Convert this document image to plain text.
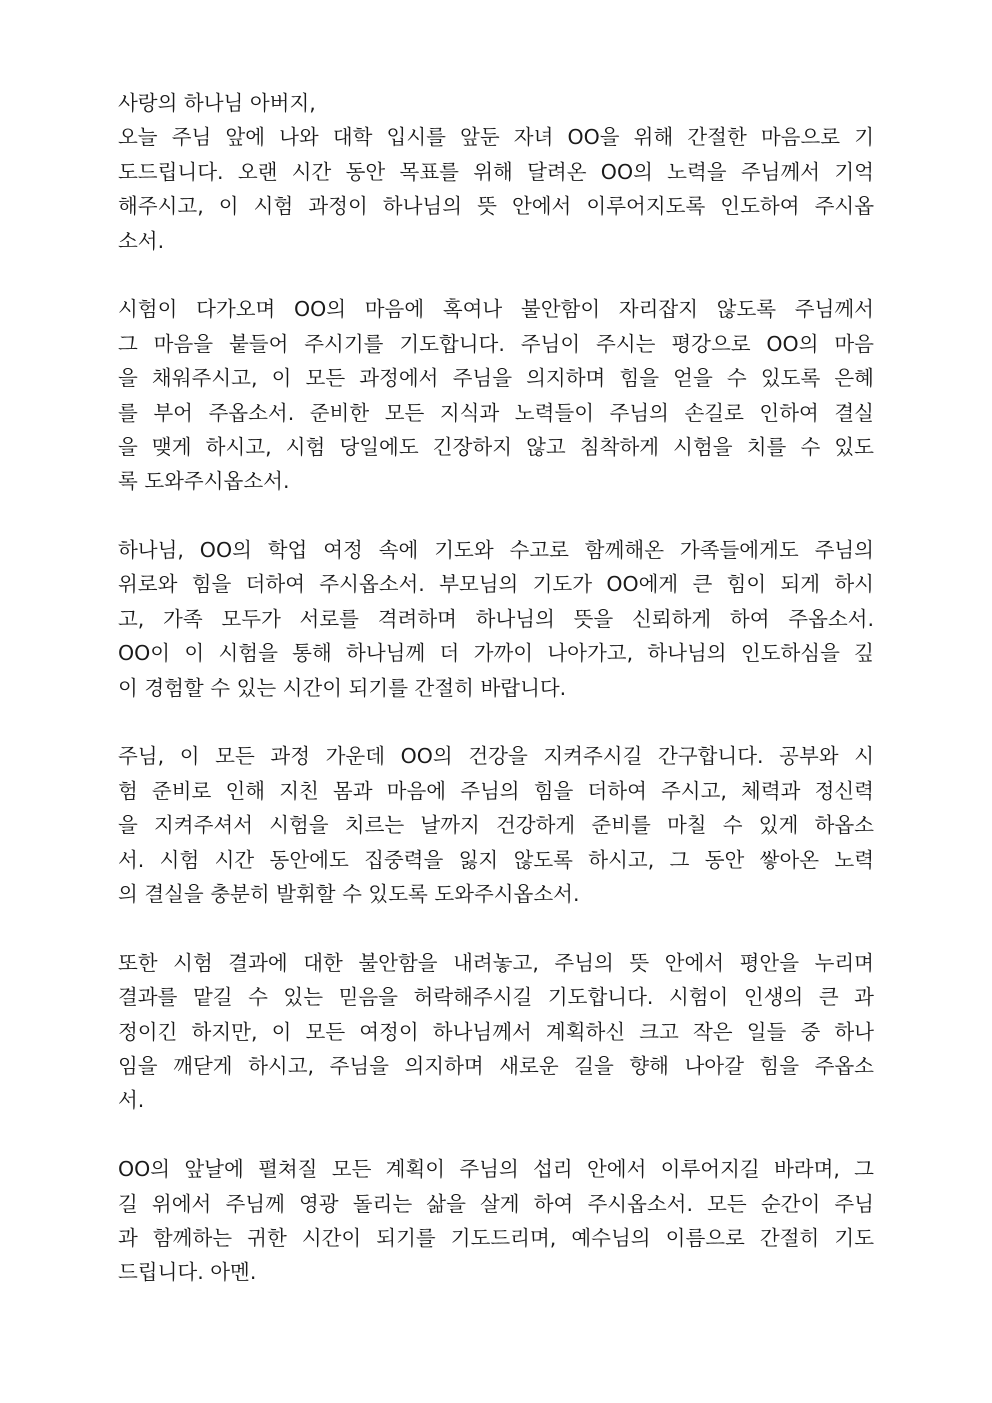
사랑의 하나님 아버지,
오늘 주님 앞에 나와 대학 입시를 앞둔 자녀 OO을 위해 간절한 마음으로 기
도드립니다. 오랜 시간 동안 목표를 위해 달려온 OO의 노력을 주님께서 기억
해주시고, 이 시험 과정이 하나님의 뜻 안에서 이루어지도록 인도하여 주시옵
소서.
시험이 다가오며 OO의 마음에 혹여나 불안함이 자리잡지 않도록 주님께서
그 마음을 붙들어 주시기를 기도합니다. 주님이 주시는 평강으로 OO의 마음
을 채워주시고, 이 모든 과정에서 주님을 의지하며 힘을 얻을 수 있도록 은혜
를 부어 주옵소서. 준비한 모든 지식과 노력들이 주님의 손길로 인하여 결실
을 맺게 하시고, 시험 당일에도 긴장하지 않고 침착하게 시험을 치를 수 있도
록 도와주시옵소서.
하나님, OO의 학업 여정 속에 기도와 수고로 함께해온 가족들에게도 주님의
위로와 힘을 더하여 주시옵소서. 부모님의 기도가 OO에게 큰 힘이 되게 하시
고, 가족 모두가 서로를 격려하며 하나님의 뜻을 신뢰하게 하여 주옵소서.
OO이 이 시험을 통해 하나님께 더 가까이 나아가고, 하나님의 인도하심을 깊
이 경험할 수 있는 시간이 되기를 간절히 바랍니다.
주님, 이 모든 과정 가운데 OO의 건강을 지켜주시길 간구합니다. 공부와 시
험 준비로 인해 지친 몸과 마음에 주님의 힘을 더하여 주시고, 체력과 정신력
을 지켜주셔서 시험을 치르는 날까지 건강하게 준비를 마칠 수 있게 하옵소
서. 시험 시간 동안에도 집중력을 잃지 않도록 하시고, 그 동안 쌓아온 노력
의 결실을 충분히 발휘할 수 있도록 도와주시옵소서.
또한 시험 결과에 대한 불안함을 내려놓고, 주님의 뜻 안에서 평안을 누리며
결과를 맡길 수 있는 믿음을 허락해주시길 기도합니다. 시험이 인생의 큰 과
정이긴 하지만, 이 모든 여정이 하나님께서 계획하신 크고 작은 일들 중 하나
임을 깨닫게 하시고, 주님을 의지하며 새로운 길을 향해 나아갈 힘을 주옵소
서.
OO의 앞날에 펼쳐질 모든 계획이 주님의 섭리 안에서 이루어지길 바라며, 그
길 위에서 주님께 영광 돌리는 삶을 살게 하여 주시옵소서. 모든 순간이 주님
과 함께하는 귀한 시간이 되기를 기도드리며, 예수님의 이름으로 간절히 기도
드립니다. 아멘.
